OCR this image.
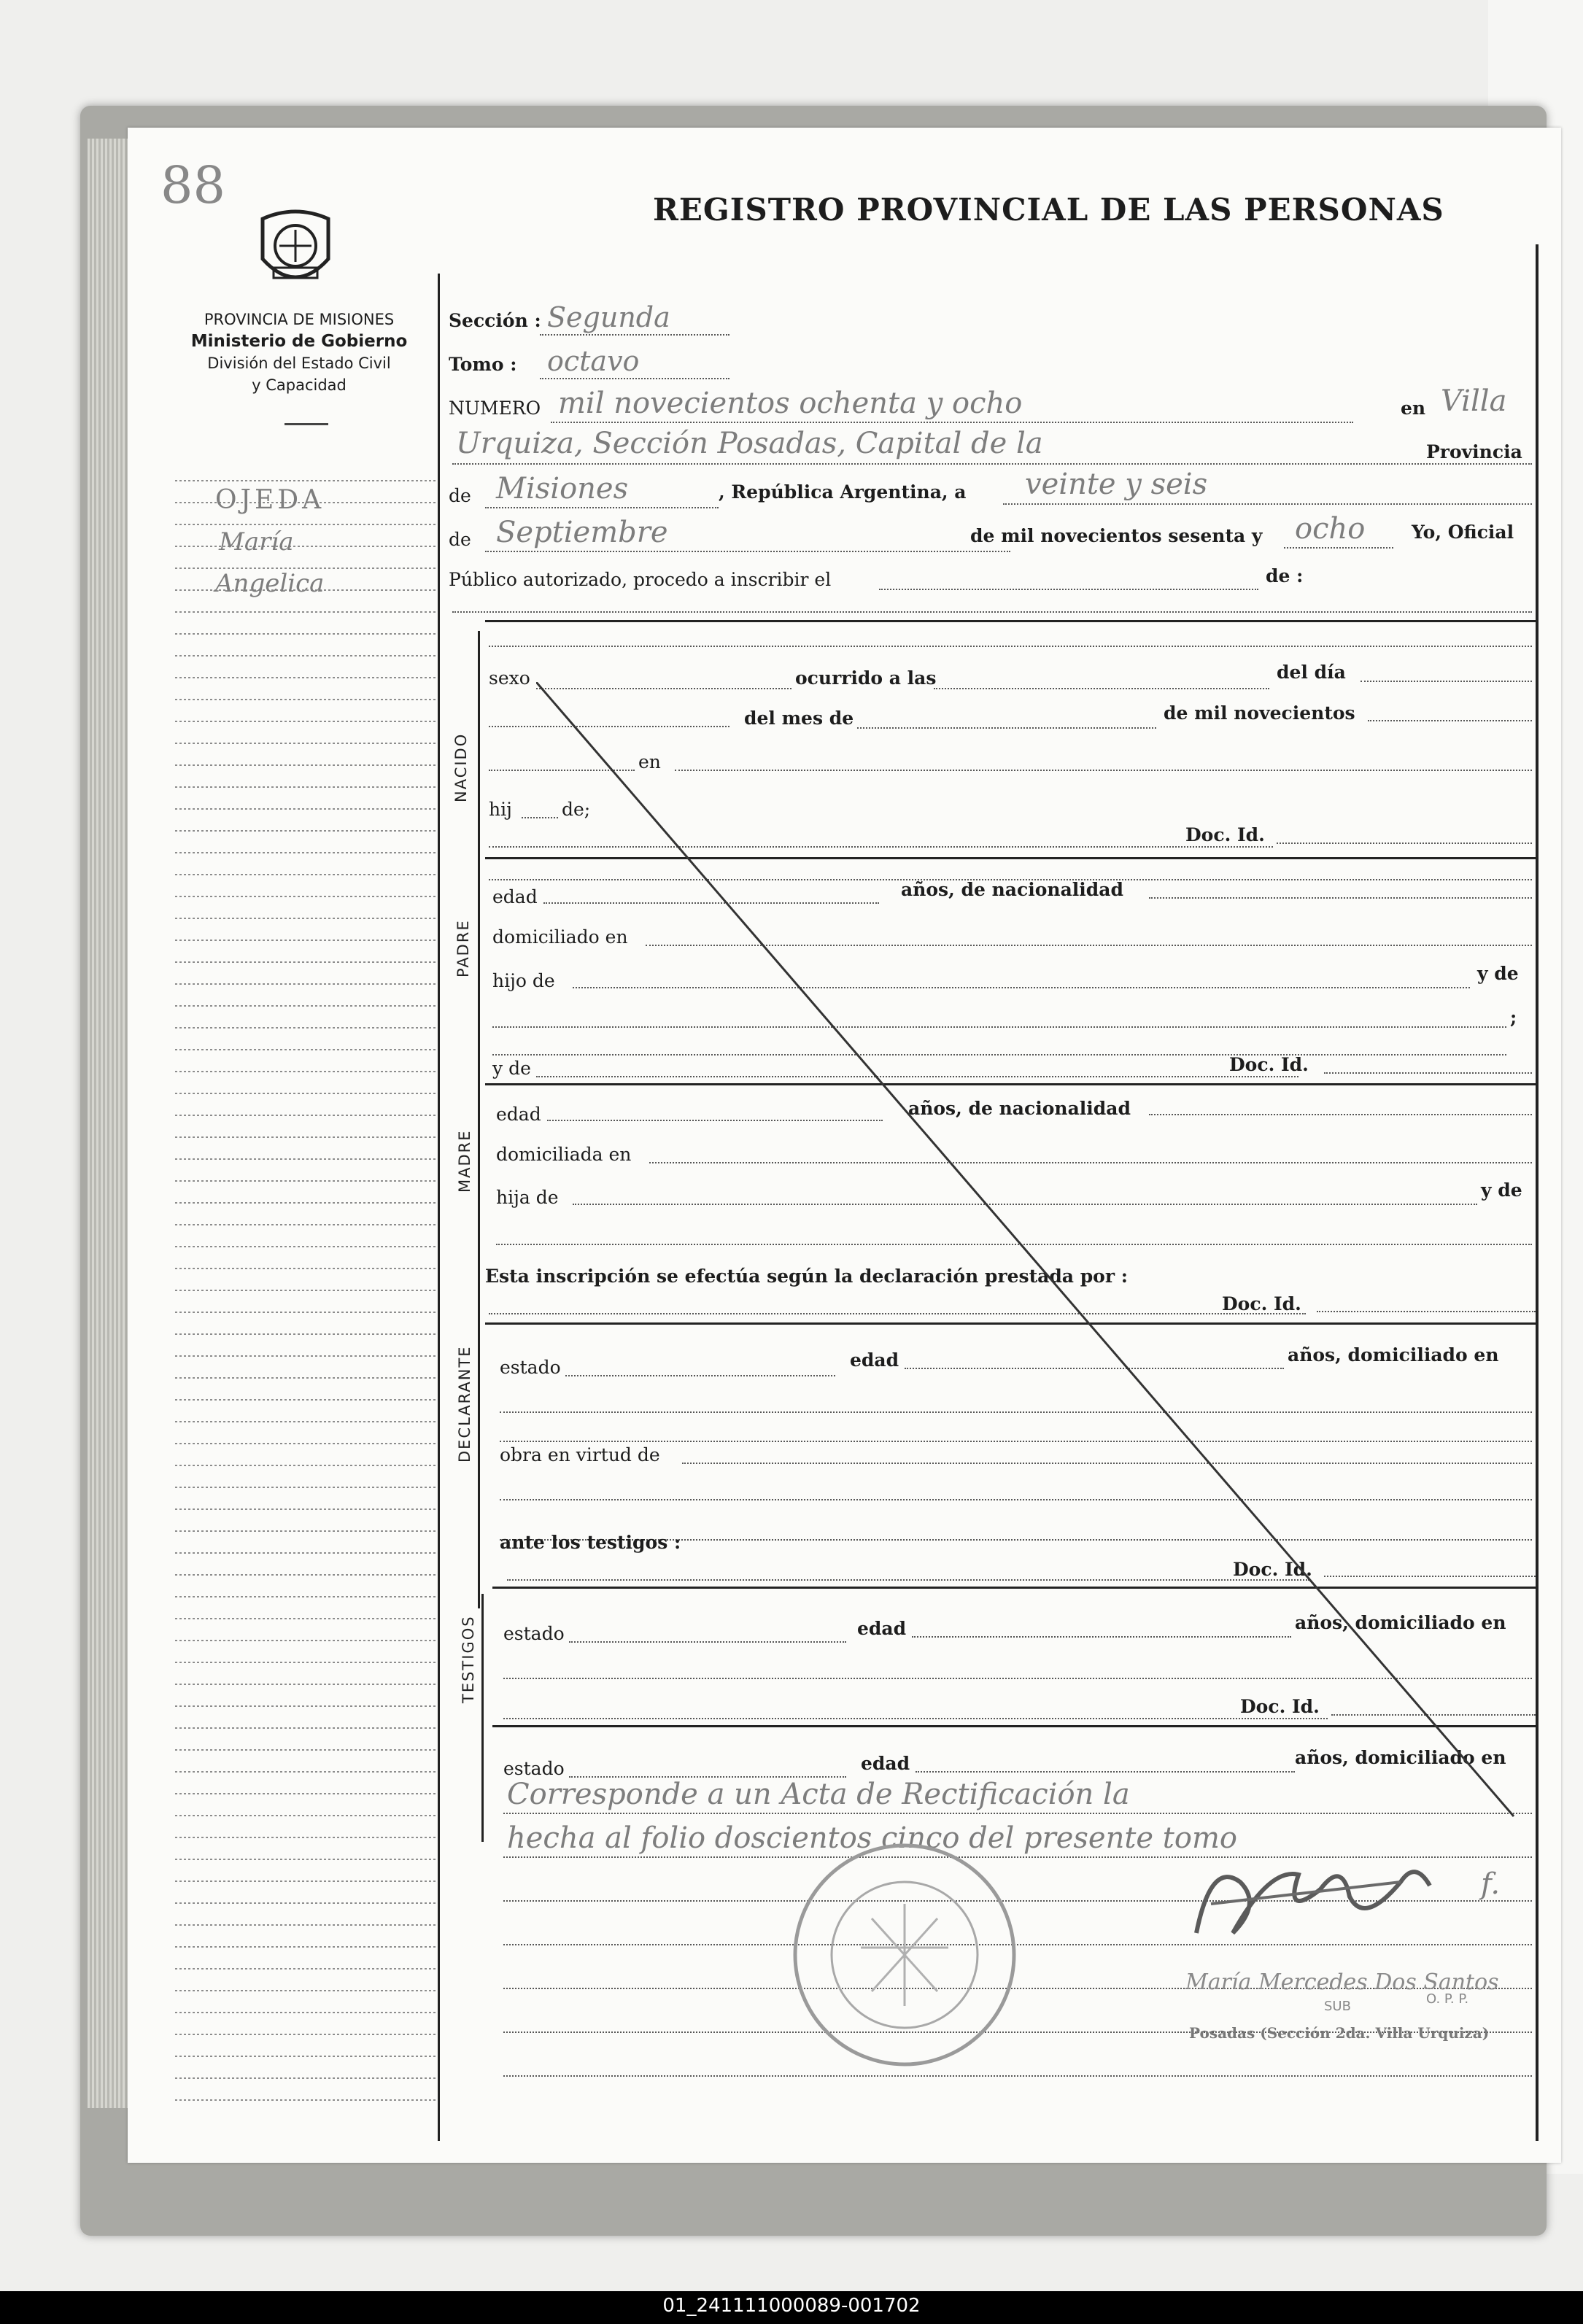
88
PROVINCIA DE MISIONES
Ministerio de Gobierno
División del Estado Civil
y Capacidad
REGISTRO PROVINCIAL DE LAS PERSONAS
OJEDA
María
Angelica
Sección : Segunda
Tomo : octavo
NUMERO mil novecientos ochenta y ocho	en Villa
Urquiza, Sección Posadas, Capital de la	Provincia
de Misiones	, República Argentina, a veinte y seis
de Septiembre	de mil novecientos sesenta y ocho	Yo, Oficial
Público autorizado, procedo a inscribir el	de :
NACIDO
sexo	ocurrido a las	del día
del mes de	de mil novecientos
en
hij	de;
Doc. Id.
PADRE
edad	años, de nacionalidad
domiciliado en
hijo de	y de
;
y de	Doc. Id.
MADRE
edad	años, de nacionalidad
domiciliada en
hija de	y de
Esta inscripción se efectúa según la declaración prestada por :
Doc. Id.
DECLARANTE estado	edad	años, domiciliado en
obra en virtud de
ante los testigos :
Doc. Id.
TESTIGOS estado	edad	años, domiciliado en
Doc. Id.
estado	edad	años, domiciliado en
Corresponde a un Acta de Rectificación la
hecha al folio doscientos cinco del presente tomo
f.
María Mercedes Dos Santos
SUB	O. P. P.
Posadas (Sección 2da. Villa Urquiza)
01_241111000089-001702
